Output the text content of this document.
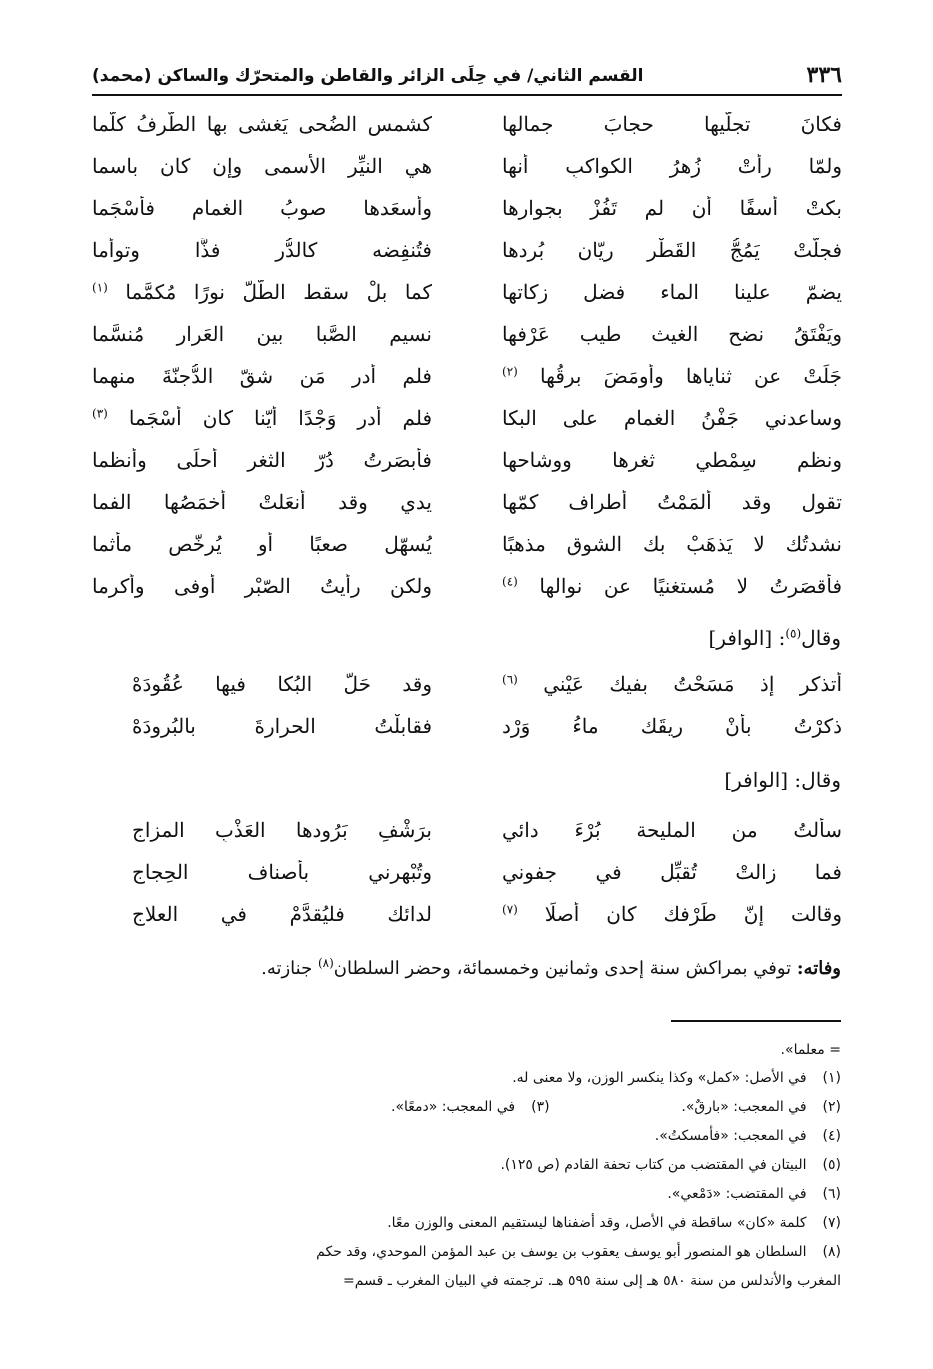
٣٣٦
القسم الثاني/ في حِلَى الزائر والقاطن والمتحرّك والساكن (محمد)
فكانَ تجلّيها حجابَ جمالها
كشمس الضُحى يَغشى بها الطّرفُ كلّما
ولمّا رأتْ زُهرُ الكواكبِ أنها
هي النيِّر الأسمى وإن كان باسما
بكتْ أسفًا أن لم تَفُزْ بجوارها
وأسعَدها صوبُ الغمام فأسْجَما
فجلّتْ يَمُجُّ القَطْر ريّان بُردها
فتُنفِضه كالدُّر فذًّا وتوأما
يضمّ علينا الماء فضل زكاتها
كما بلْ سقط الطّلّ نورًا مُكمَّما $^{(١)}$
ويَفْتَقُ نضح الغيث طيب عَرْفها
نسيم الصَّبا بين العَرار مُنسَّما
جَلَتْ عن ثناياها وأومَضَ برقُها $^{(٢)}$
فلم أدرِ مَن شقّ الدُّجنّةَ منهما
وساعدني جَفْنُ الغمام على البكا
فلم أدرِ وَجْدًا أيّنا كان أسْجَما $^{(٣)}$
ونظم سِمْطي ثغرها ووشاحها
فأبصَرتُ دُرّ الثغر أحلَى وأنظما
تقول وقد ألمَمْتُ أطراف كمّها
يدي وقد أنعَلتْ أخمَصُها الفما
نشدتُك لا يَذهَبْ بك الشوق مذهبًا
يُسهّل صعبًا أو يُرخّص مأثما
فأقصَرتُ لا مُستغنيًا عن نوالها $^{(٤)}$
ولكن رأيتُ الصّبْر أوفى وأكرما
وقال$^{(٥)}$: [الوافر]
أتذكر إذ مَسَحْتُ بفيك عَيْني $^{(٦)}$
وقد حَلّ البُكا فيها عُقُودَهْ
ذكرْتُ بأنْ ريقَك ماءُ وَرْد
فقابلْتُ الحرارةَ بالبُرودَهْ
وقال: [الوافر]
سألتُ من المليحة بُرْءَ دائي
برَشْفِ بَرُودها العَذْبِ المزاجِ
فما زالتْ تُقبِّل في جفوني
وتُبْهِرني بأصناف الحِجاجِ
وقالت إنّ طَرْفك كان أصلًا $^{(٧)}$
لدائك فليُقدَّمْ في العلاجِ
وفاته: توفي بمراكش سنة إحدى وثمانين وخمسمائة، وحضر السلطان$^{(٨)}$ جنازته.
= معلما».
(١) في الأصل: «كمل» وكذا ينكسر الوزن، ولا معنى له.
(٢) في المعجب: «بارقٌ».
(٣) في المعجب: «دمعًا».
(٤) في المعجب: «فأمسكتُ».
(٥) البيتان في المقتضب من كتاب تحفة القادم (ص ١٢٥).
(٦) في المقتضب: «دَمْعي».
(٧) كلمة «كان» ساقطة في الأصل، وقد أضفناها ليستقيم المعنى والوزن معًا.
(٨) السلطان هو المنصور أبو يوسف يعقوب بن يوسف بن عبد المؤمن الموحدي، وقد حكم
المغرب والأندلس من سنة ٥٨٠ هـ إلى سنة ٥٩٥ هـ. ترجمته في البيان المغرب ـ قسم=
